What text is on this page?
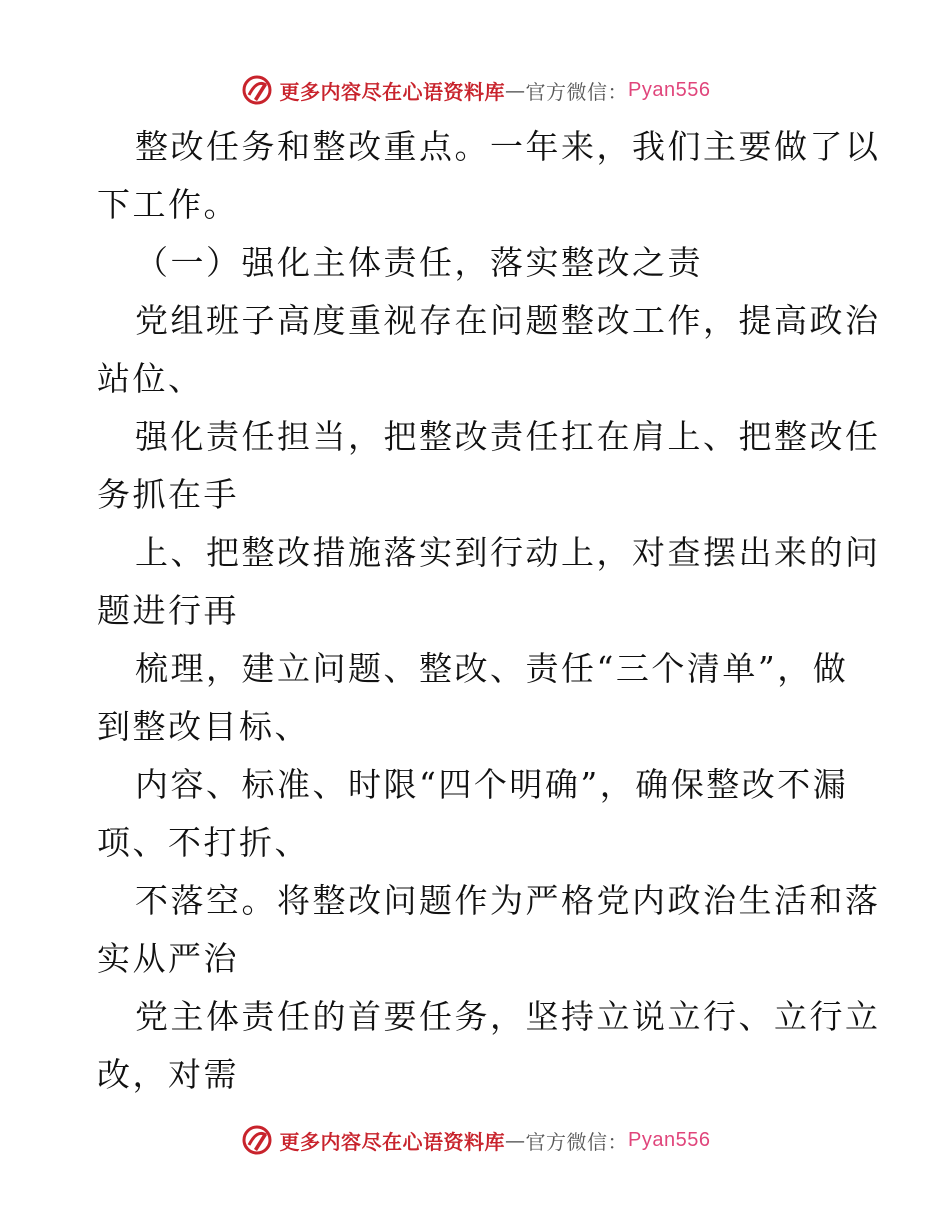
更多内容尽在心语资料库 — 官方微信： Pyan556
整改任务和整改重点。一年来，我们主要做了以
下工作。
（一）强化主体责任，落实整改之责
党组班子高度重视存在问题整改工作，提高政治
站位、
强化责任担当，把整改责任扛在肩上、把整改任
务抓在手
上、把整改措施落实到行动上，对查摆出来的问
题进行再
梳理，建立问题、整改、责任“三个清单”，做
到整改目标、
内容、标准、时限“四个明确”，确保整改不漏
项、不打折、
不落空。将整改问题作为严格党内政治生活和落
实从严治
党主体责任的首要任务，坚持立说立行、立行立
改，对需
更多内容尽在心语资料库 — 官方微信： Pyan556
